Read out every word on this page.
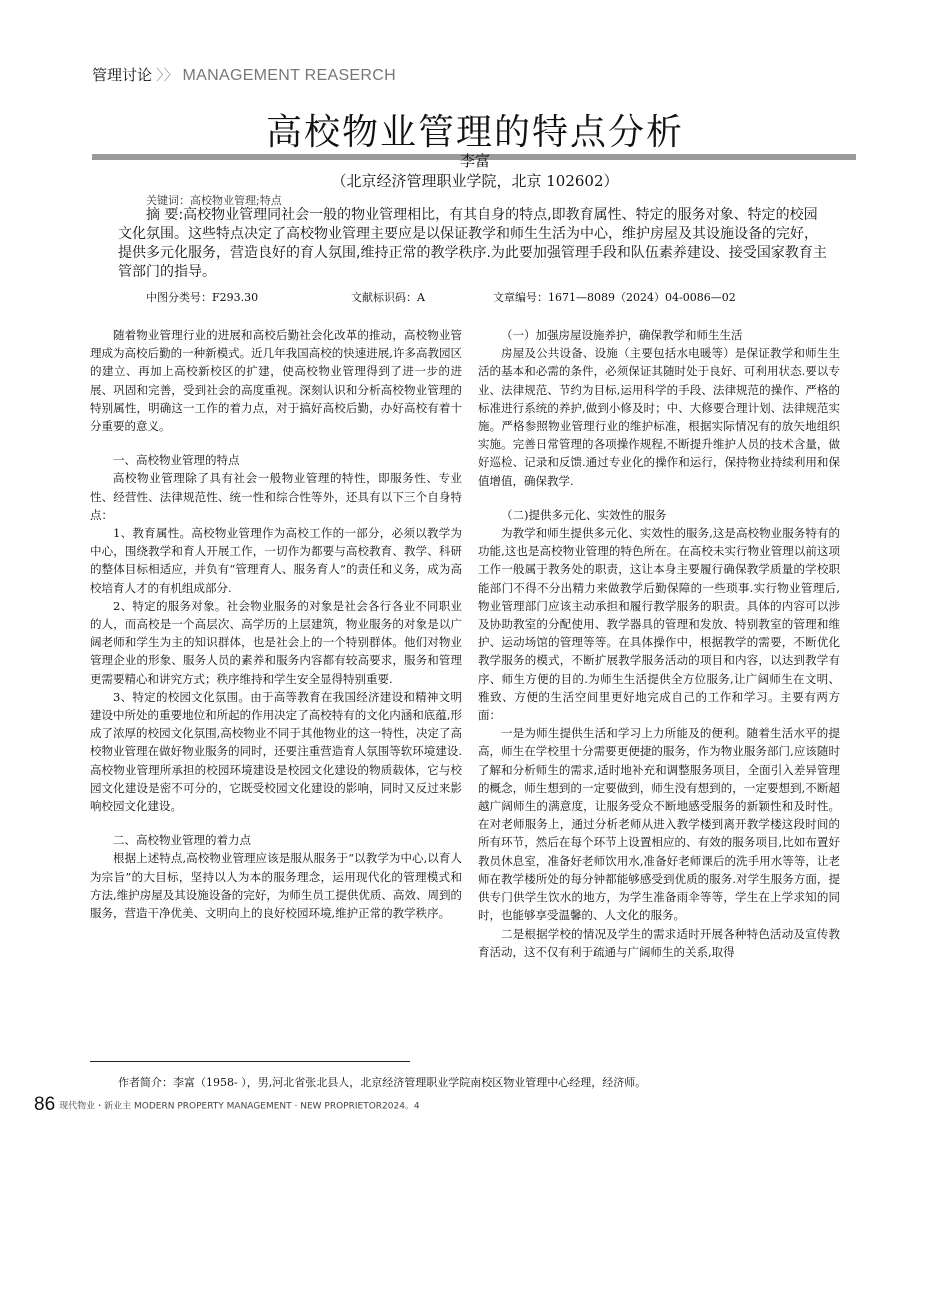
管理讨论 〉〉 MANAGEMENT REASERCH
高校物业管理的特点分析
李富
（北京经济管理职业学院，北京 102602）
关键词：高校物业管理;特点
摘 要:高校物业管理同社会一般的物业管理相比，有其自身的特点,即教育属性、特定的服务对象、特定的校园文化氛围。这些特点决定了高校物业管理主要应是以保证教学和师生生活为中心，维护房屋及其设施设备的完好，提供多元化服务，营造良好的育人氛围,维持正常的教学秩序.为此要加强管理手段和队伍素养建设、接受国家教育主管部门的指导。
中图分类号：F293.30	文献标识码：A	文章编号：1671—8089（2024）04-0086—02

随着物业管理行业的进展和高校后勤社会化改革的推动，高校物业管理成为高校后勤的一种新模式。近几年我国高校的快速进展,许多高教园区的建立、再加上高校新校区的扩建，使高校物业管理得到了进一步的进展、巩固和完善，受到社会的高度重视。深刻认识和分析高校物业管理的特别属性，明确这一工作的着力点，对于搞好高校后勤，办好高校有着十分重要的意义。

一、高校物业管理的特点

高校物业管理除了具有社会一般物业管理的特性，即服务性、专业性、经营性、法律规范性、统一性和综合性等外，还具有以下三个自身特点：

1、教育属性。高校物业管理作为高校工作的一部分，必须以教学为中心，围绕教学和育人开展工作，一切作为都要与高校教育、教学、科研的整体目标相适应，并负有“管理育人、服务育人”的责任和义务，成为高校培育人才的有机组成部分.

2、特定的服务对象。社会物业服务的对象是社会各行各业不同职业的人，而高校是一个高层次、高学历的上层建筑，物业服务的对象是以广阔老师和学生为主的知识群体，也是社会上的一个特别群体。他们对物业管理企业的形象、服务人员的素养和服务内容都有较高要求，服务和管理更需要精心和讲究方式；秩序维持和学生安全显得特别重要.

3、特定的校园文化氛围。由于高等教育在我国经济建设和精神文明建设中所处的重要地位和所起的作用决定了高校特有的文化内涵和底蕴,形成了浓厚的校园文化氛围,高校物业不同于其他物业的这一特性，决定了高校物业管理在做好物业服务的同时，还要注重营造育人氛围等软环境建设.高校物业管理所承担的校园环境建设是校园文化建设的物质载体，它与校园文化建设是密不可分的，它既受校园文化建设的影响，同时又反过来影响校园文化建设。

二、高校物业管理的着力点

根据上述特点,高校物业管理应该是服从服务于“以教学为中心,以育人为宗旨”的大目标，坚持以人为本的服务理念，运用现代化的管理模式和方法,维护房屋及其设施设备的完好，为师生员工提供优质、高效、周到的服务，营造干净优美、文明向上的良好校园环境,维护正常的教学秩序。

（一）加强房屋设施养护，确保教学和师生生活

房屋及公共设备、设施（主要包括水电暖等）是保证教学和师生生活的基本和必需的条件，必须保证其随时处于良好、可利用状态.要以专业、法律规范、节约为目标,运用科学的手段、法律规范的操作、严格的标准进行系统的养护,做到小修及时；中、大修要合理计划、法律规范实施。严格参照物业管理行业的维护标准，根据实际情况有的放矢地组织实施。完善日常管理的各项操作规程,不断提升维护人员的技术含量，做好巡检、记录和反馈.通过专业化的操作和运行，保持物业持续利用和保值增值，确保教学.

（二)提供多元化、实效性的服务

为教学和师生提供多元化、实效性的服务,这是高校物业服务特有的功能,这也是高校物业管理的特色所在。在高校未实行物业管理以前这项工作一般属于教务处的职责，这让本身主要履行确保教学质量的学校职能部门不得不分出精力来做教学后勤保障的一些琐事.实行物业管理后,物业管理部门应该主动承担和履行教学服务的职责。具体的内容可以涉及协助教室的分配使用、教学器具的管理和发放、特别教室的管理和维护、运动场馆的管理等等。在具体操作中，根据教学的需要，不断优化教学服务的模式，不断扩展教学服务活动的项目和内容，以达到教学有序、师生方便的目的.为师生生活提供全方位服务,让广阔师生在文明、雅致、方便的生活空间里更好地完成自己的工作和学习。主要有两方面：

一是为师生提供生活和学习上力所能及的便利。随着生活水平的提高，师生在学校里十分需要更便捷的服务，作为物业服务部门,应该随时了解和分析师生的需求,适时地补充和调整服务项目，全面引入差异管理的概念，师生想到的一定要做到，师生没有想到的，一定要想到,不断超越广阔师生的满意度，让服务受众不断地感受服务的新颖性和及时性。在对老师服务上，通过分析老师从进入教学楼到离开教学楼这段时间的所有环节，然后在每个环节上设置相应的、有效的服务项目,比如布置好教员休息室，准备好老师饮用水,准备好老师课后的洗手用水等等，让老师在教学楼所处的每分钟都能够感受到优质的服务.对学生服务方面，提供专门供学生饮水的地方，为学生准备雨伞等等，学生在上学求知的同时，也能够享受温馨的、人文化的服务。

二是根据学校的情况及学生的需求适时开展各种特色活动及宣传教育活动，这不仅有利于疏通与广阔师生的关系,取得

作者简介：李富（1958- ），男,河北省张北县人，北京经济管理职业学院南校区物业管理中心经理，经济师。
86 现代物业・新业主 MODERN PROPERTY MANAGEMENT · NEW PROPRIETOR2024。4
